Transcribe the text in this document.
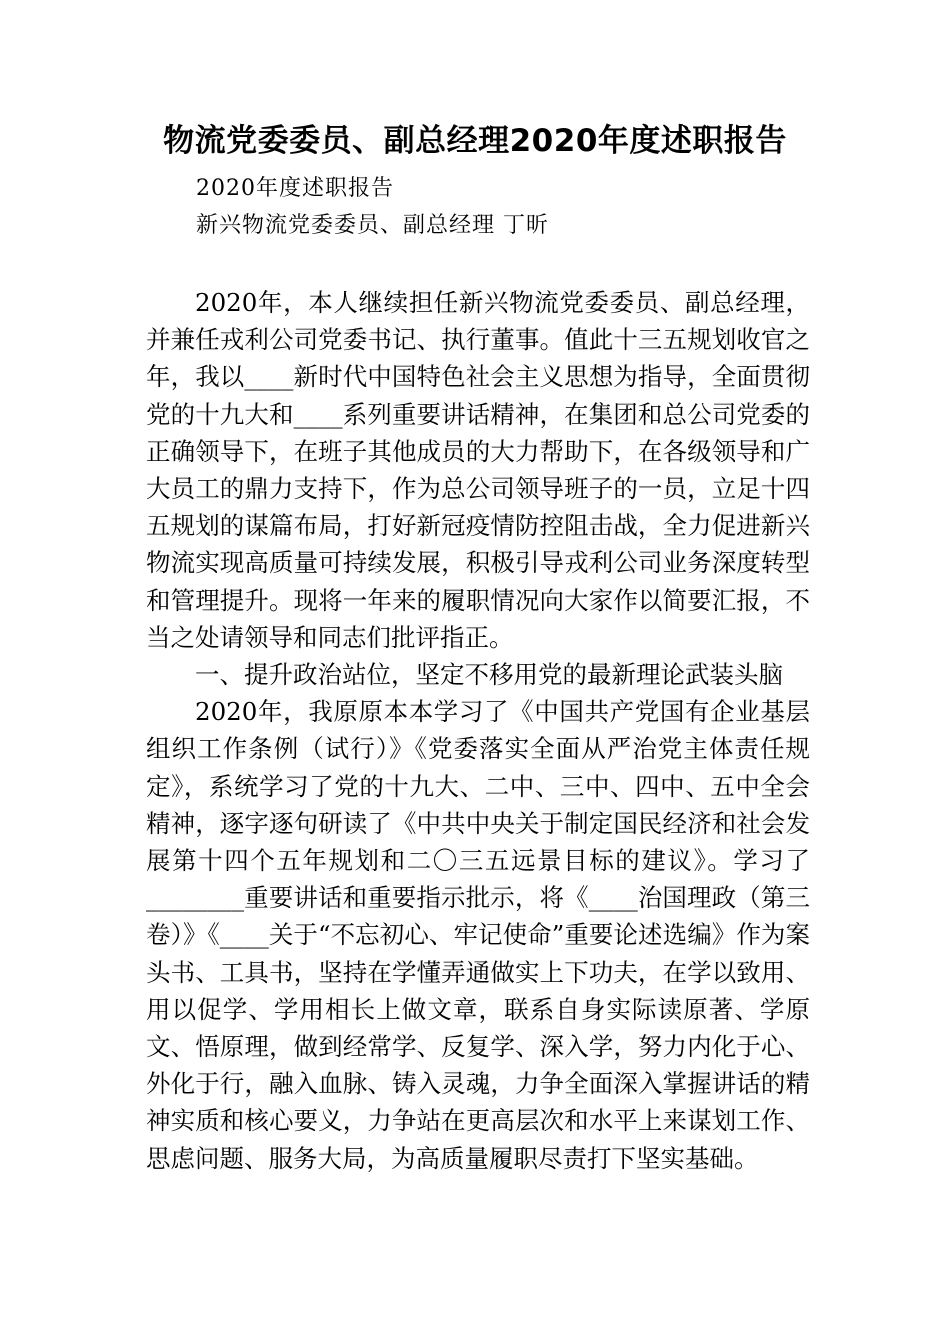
物流党委委员、副总经理2020年度述职报告
2020年度述职报告
新兴物流党委委员、副总经理 丁昕

2020年，本人继续担任新兴物流党委委员、副总经理，并兼任戎利公司党委书记、执行董事。值此十三五规划收官之年，我以____新时代中国特色社会主义思想为指导，全面贯彻党的十九大和____系列重要讲话精神，在集团和总公司党委的正确领导下，在班子其他成员的大力帮助下，在各级领导和广大员工的鼎力支持下，作为总公司领导班子的一员，立足十四五规划的谋篇布局，打好新冠疫情防控阻击战，全力促进新兴物流实现高质量可持续发展，积极引导戎利公司业务深度转型和管理提升。现将一年来的履职情况向大家作以简要汇报，不当之处请领导和同志们批评指正。

一、提升政治站位，坚定不移用党的最新理论武装头脑

2020年，我原原本本学习了《中国共产党国有企业基层组织工作条例（试行）》《党委落实全面从严治党主体责任规定》，系统学习了党的十九大、二中、三中、四中、五中全会精神，逐字逐句研读了《中共中央关于制定国民经济和社会发展第十四个五年规划和二〇三五远景目标的建议》。学习了________重要讲话和重要指示批示，将《____治国理政（第三卷）》《____关于“不忘初心、牢记使命”重要论述选编》作为案头书、工具书，坚持在学懂弄通做实上下功夫，在学以致用、用以促学、学用相长上做文章，联系自身实际读原著、学原文、悟原理，做到经常学、反复学、深入学，努力内化于心、外化于行，融入血脉、铸入灵魂，力争全面深入掌握讲话的精神实质和核心要义，力争站在更高层次和水平上来谋划工作、思虑问题、服务大局，为高质量履职尽责打下坚实基础。
